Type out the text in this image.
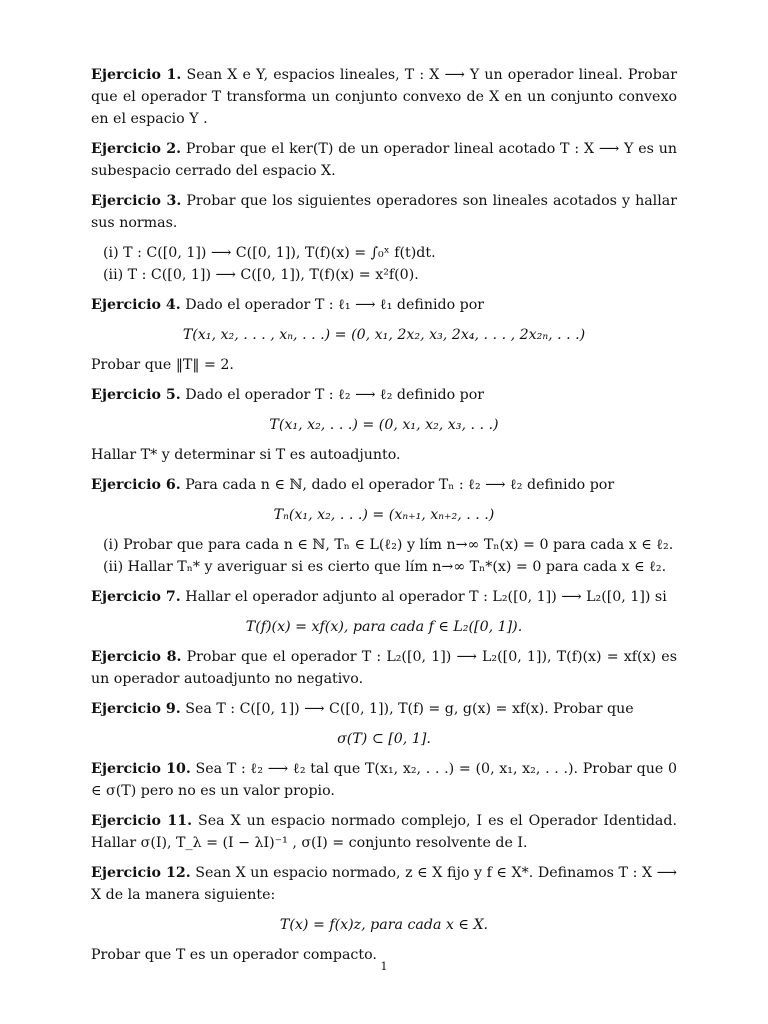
Ejercicio 1. Sean X e Y, espacios lineales, T : X ⟶ Y un operador lineal. Probar que el operador T transforma un conjunto convexo de X en un conjunto convexo en el espacio Y .

Ejercicio 2. Probar que el ker(T) de un operador lineal acotado T : X ⟶ Y es un subespacio cerrado del espacio X.

Ejercicio 3. Probar que los siguientes operadores son lineales acotados y hallar sus normas.

(i) T : C([0, 1]) ⟶ C([0, 1]), T(f)(x) = ∫₀ˣ f(t)dt.
(ii) T : C([0, 1]) ⟶ C([0, 1]), T(f)(x) = x²f(0).

Ejercicio 4. Dado el operador T : ℓ₁ ⟶ ℓ₁ definido por

T(x₁, x₂, . . . , xₙ, . . .) = (0, x₁, 2x₂, x₃, 2x₄, . . . , 2x₂ₙ, . . .)

Probar que ‖T‖ = 2.

Ejercicio 5. Dado el operador T : ℓ₂ ⟶ ℓ₂ definido por

T(x₁, x₂, . . .) = (0, x₁, x₂, x₃, . . .)

Hallar T* y determinar si T es autoadjunto.

Ejercicio 6. Para cada n ∈ ℕ, dado el operador Tₙ : ℓ₂ ⟶ ℓ₂ definido por

Tₙ(x₁, x₂, . . .) = (xₙ₊₁, xₙ₊₂, . . .)
(i) Probar que para cada n ∈ ℕ, Tₙ ∈ L(ℓ₂) y lím n→∞ Tₙ(x) = 0 para cada x ∈ ℓ₂.
(ii) Hallar Tₙ* y averiguar si es cierto que lím n→∞ Tₙ*(x) = 0 para cada x ∈ ℓ₂.

Ejercicio 7. Hallar el operador adjunto al operador T : L₂([0, 1]) ⟶ L₂([0, 1]) si

T(f)(x) = xf(x), para cada f ∈ L₂([0, 1]).

Ejercicio 8. Probar que el operador T : L₂([0, 1]) ⟶ L₂([0, 1]), T(f)(x) = xf(x) es un operador autoadjunto no negativo.

Ejercicio 9. Sea T : C([0, 1]) ⟶ C([0, 1]), T(f) = g, g(x) = xf(x). Probar que

σ(T) ⊂ [0, 1].

Ejercicio 10. Sea T : ℓ₂ ⟶ ℓ₂ tal que T(x₁, x₂, . . .) = (0, x₁, x₂, . . .). Probar que 0 ∈ σ(T) pero no es un valor propio.

Ejercicio 11. Sea X un espacio normado complejo, I es el Operador Identidad. Hallar σ(I), T_λ = (I − λI)⁻¹ , σ(I) = conjunto resolvente de I.

Ejercicio 12. Sean X un espacio normado, z ∈ X fijo y f ∈ X*. Definamos T : X ⟶ X de la manera siguiente:

T(x) = f(x)z, para cada x ∈ X.

Probar que T es un operador compacto.

1
